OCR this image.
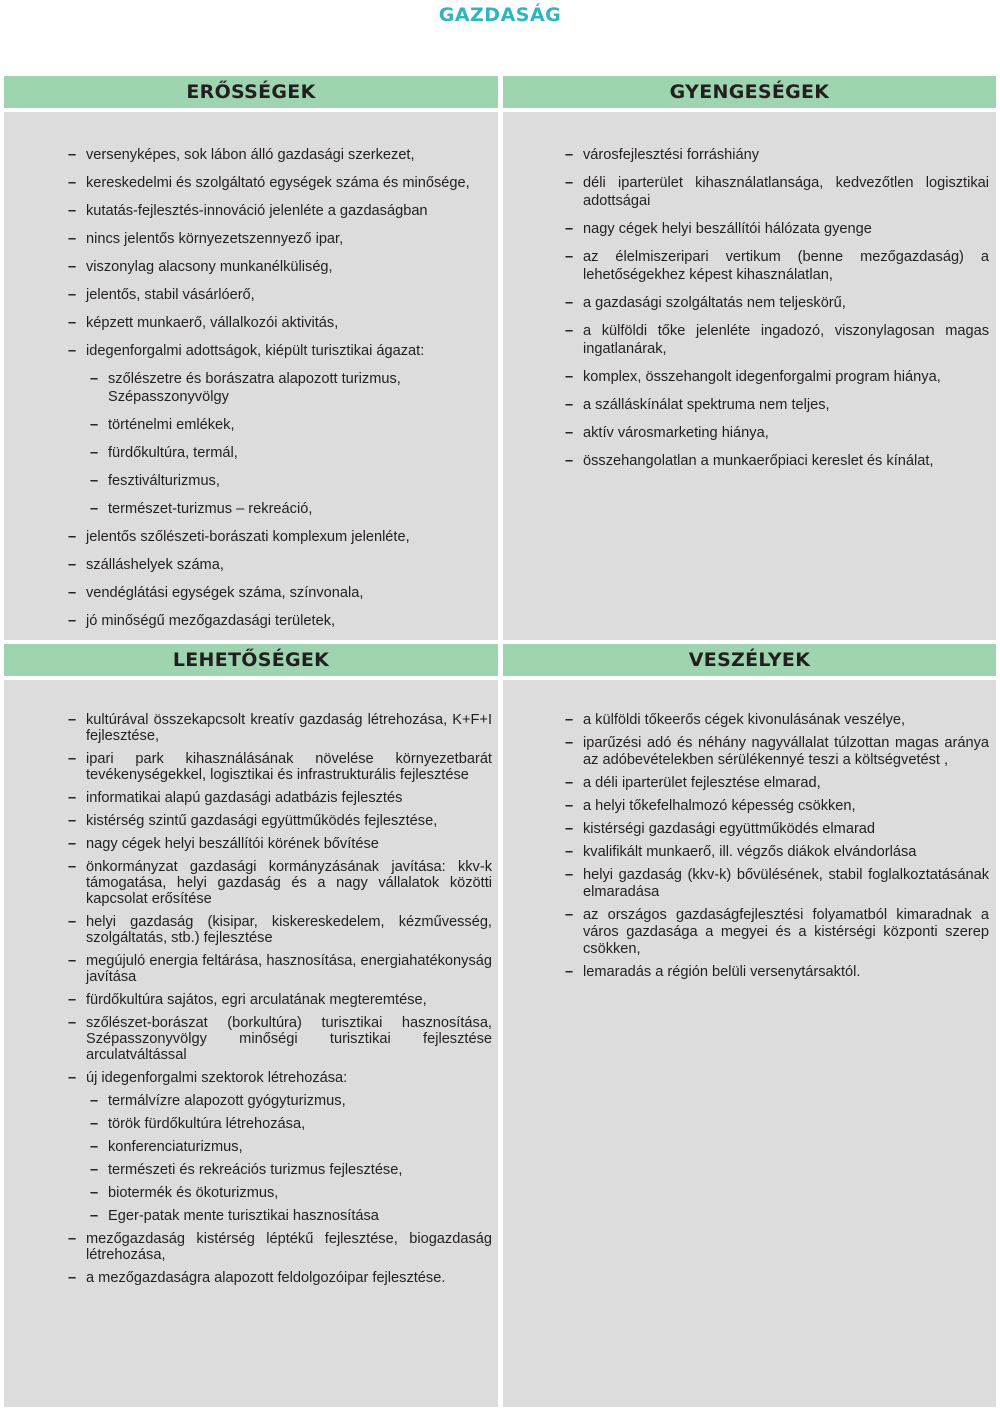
GAZDASÁG
ERŐSSÉGEK
– versenyképes, sok lábon álló gazdasági szerkezet,
– kereskedelmi és szolgáltató egységek száma és minősége,
– kutatás-fejlesztés-innováció jelenléte a gazdaságban
– nincs jelentős környezetszennyező ipar,
– viszonylag alacsony munkanélküliség,
– jelentős, stabil vásárlóerő,
– képzett munkaerő, vállalkozói aktivitás,
– idegenforgalmi adottságok, kiépült turisztikai ágazat:
– szőlészetre és borászatra alapozott turizmus, Szépasszonyvölgy
– történelmi emlékek,
– fürdőkultúra, termál,
– fesztiválturizmus,
– természet-turizmus – rekreáció,
– jelentős szőlészeti-borászati komplexum jelenléte,
– szálláshelyek száma,
– vendéglátási egységek száma, színvonala,
– jó minőségű mezőgazdasági területek,
GYENGESÉGEK
– városfejlesztési forráshiány
– déli iparterület kihasználatlansága, kedvezőtlen logisztikai adottságai
– nagy cégek helyi beszállítói hálózata gyenge
– az élelmiszeripari vertikum (benne mezőgazdaság) a lehetőségekhez képest kihasználatlan,
– a gazdasági szolgáltatás nem teljeskörű,
– a külföldi tőke jelenléte ingadozó, viszonylagosan magas ingatlanárak,
– komplex, összehangolt idegenforgalmi program hiánya,
– a szálláskínálat spektruma nem teljes,
– aktív városmarketing hiánya,
– összehangolatlan a munkaerőpiaci kereslet és kínálat,
LEHETŐSÉGEK
– kultúrával összekapcsolt kreatív gazdaság létrehozása, K+F+I fejlesztése,
– ipari park kihasználásának növelése környezetbarát tevékenységekkel, logisztikai és infrastrukturális fejlesztése
– informatikai alapú gazdasági adatbázis fejlesztés
– kistérség szintű gazdasági együttműködés fejlesztése,
– nagy cégek helyi beszállítói körének bővítése
– önkormányzat gazdasági kormányzásának javítása: kkv-k támogatása, helyi gazdaság és a nagy vállalatok közötti kapcsolat erősítése
– helyi gazdaság (kisipar, kiskereskedelem, kézművesség, szolgáltatás, stb.) fejlesztése
– megújuló energia feltárása, hasznosítása, energiahatékonyság javítása
– fürdőkultúra sajátos, egri arculatának megteremtése,
– szőlészet-borászat (borkultúra) turisztikai hasznosítása, Szépasszonyvölgy minőségi turisztikai fejlesztése arculatváltással
– új idegenforgalmi szektorok létrehozása:
– termálvízre alapozott gyógyturizmus,
– török fürdőkultúra létrehozása,
– konferenciaturizmus,
– természeti és rekreációs turizmus fejlesztése,
– biotermék és ökoturizmus,
– Eger-patak mente turisztikai hasznosítása
– mezőgazdaság kistérség léptékű fejlesztése, biogazdaság létrehozása,
– a mezőgazdaságra alapozott feldolgozóipar fejlesztése.
VESZÉLYEK
– a külföldi tőkeerős cégek kivonulásának veszélye,
– iparűzési adó és néhány nagyvállalat túlzottan magas aránya az adóbevételekben sérülékennyé teszi a költségvetést ,
– a déli iparterület fejlesztése elmarad,
– a helyi tőkefelhalmozó képesség csökken,
– kistérségi gazdasági együttműködés elmarad
– kvalifikált munkaerő, ill. végzős diákok elvándorlása
– helyi gazdaság (kkv-k) bővülésének, stabil foglalkoztatásának elmaradása
– az országos gazdaságfejlesztési folyamatból kimaradnak a város gazdasága a megyei és a kistérségi központi szerep csökken,
– lemaradás a régión belüli versenytársaktól.
